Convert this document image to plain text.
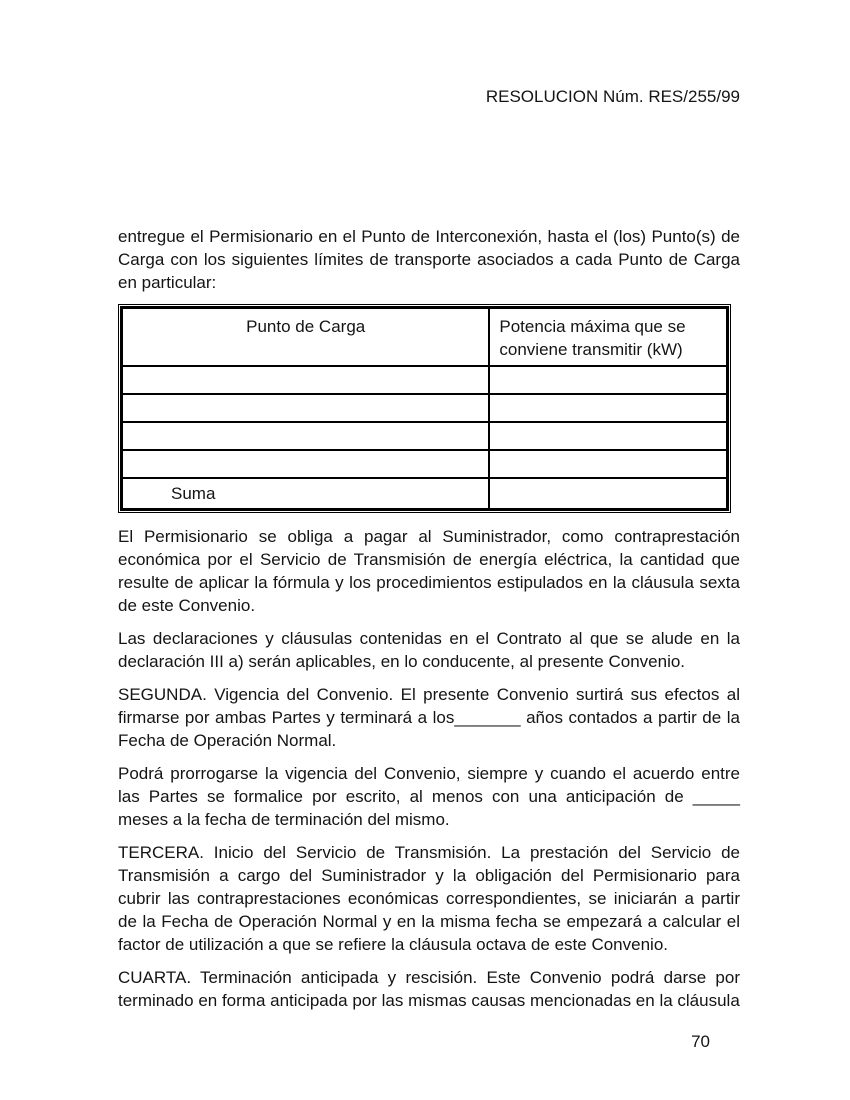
RESOLUCION Núm. RES/255/99

entregue el Permisionario en el Punto de Interconexión, hasta el (los) Punto(s) de Carga con los siguientes límites de transporte asociados a cada Punto de Carga en particular:

Punto de Carga	Potencia máxima que se conviene transmitir (kW)

Suma	

El Permisionario se obliga a pagar al Suministrador, como contraprestación económica por el Servicio de Transmisión de energía eléctrica, la cantidad que resulte de aplicar la fórmula y los procedimientos estipulados en la cláusula sexta de este Convenio.

Las declaraciones y cláusulas contenidas en el Contrato al que se alude en la declaración III a) serán aplicables, en lo conducente, al presente Convenio.

SEGUNDA. Vigencia del Convenio. El presente Convenio surtirá sus efectos al firmarse por ambas Partes y terminará a los_______ años contados a partir de la Fecha de Operación Normal.

Podrá prorrogarse la vigencia del Convenio, siempre y cuando el acuerdo entre las Partes se formalice por escrito, al menos con una anticipación de _____ meses a la fecha de terminación del mismo.

TERCERA. Inicio del Servicio de Transmisión. La prestación del Servicio de Transmisión a cargo del Suministrador y la obligación del Permisionario para cubrir las contraprestaciones económicas correspondientes, se iniciarán a partir de la Fecha de Operación Normal y en la misma fecha se empezará a calcular el factor de utilización a que se refiere la cláusula octava de este Convenio.

CUARTA. Terminación anticipada y rescisión. Este Convenio podrá darse por terminado en forma anticipada por las mismas causas mencionadas en la cláusula

70
